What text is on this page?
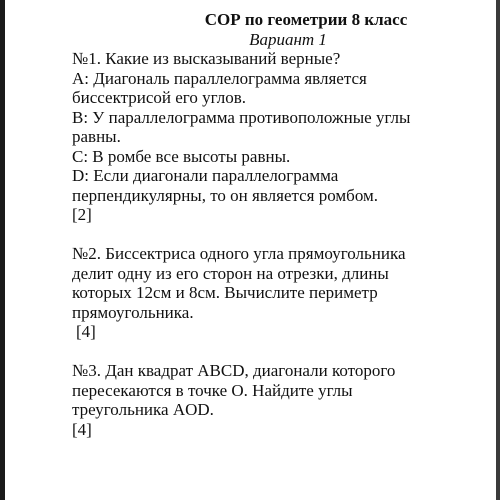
СОР по геометрии 8 класс
Вариант 1
№1. Какие из высказываний верные?
A: Диагональ параллелограмма является
биссектрисой его углов.
B: У параллелограмма противоположные углы
равны.
C: В ромбе все высоты равны.
D: Если диагонали параллелограмма
перпендикулярны, то он является ромбом.
[2]
№2. Биссектриса одного угла прямоугольника
делит одну из его сторон на отрезки, длины
которых 12см и 8см. Вычислите периметр
прямоугольника.
[4]
№3. Дан квадрат ABCD, диагонали которого
пересекаются в точке O. Найдите углы
треугольника AOD.
[4]
